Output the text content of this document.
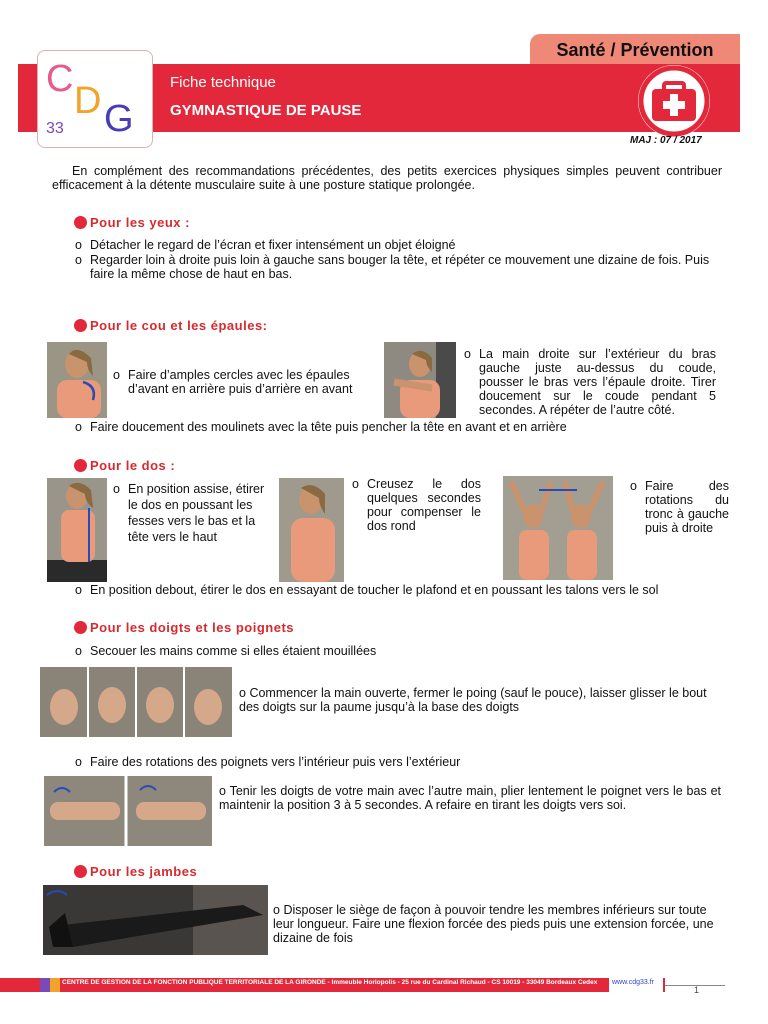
Santé / Prévention
C
D G
33
Fiche technique
GYMNASTIQUE DE PAUSE
MAJ : 07 / 2017
En complément des recommandations précédentes, des petits exercices physiques simples peuvent contribuer efficacement à la détente musculaire suite à une posture statique prolongée.
Pour les yeux :
o Détacher le regard de l’écran et fixer intensément un objet éloigné
o Regarder loin à droite puis loin à gauche sans bouger la tête, et répéter ce mouvement une dizaine de fois. Puis faire la même chose de haut en bas.
Pour le cou et les épaules:
o Faire d’amples cercles avec les épaules d’avant en arrière puis d’arrière en avant
o La main droite sur l’extérieur du bras gauche juste au-dessus du coude, pousser le bras vers l’épaule droite. Tirer doucement sur le coude pendant 5 secondes. A répéter de l’autre côté.
o Faire doucement des moulinets avec la tête puis pencher la tête en avant et en arrière
Pour le dos :
o En position assise, étirer le dos en poussant les fesses vers le bas et la tête vers le haut
o Creusez le dos quelques secondes pour compenser le dos rond
o Faire des rotations du tronc à gauche puis à droite
o En position debout, étirer le dos en essayant de toucher le plafond et en poussant les talons vers le sol
Pour les doigts et les poignets
o Secouer les mains comme si elles étaient mouillées
o Commencer la main ouverte, fermer le poing (sauf le pouce), laisser glisser le bout des doigts sur la paume jusqu’à la base des doigts
o Faire des rotations des poignets vers l’intérieur puis vers l’extérieur
o Tenir les doigts de votre main avec l’autre main, plier lentement le poignet vers le bas et maintenir la position 3 à 5 secondes. A refaire en tirant les doigts vers soi.
Pour les jambes
o Disposer le siège de façon à pouvoir tendre les membres inférieurs sur toute leur longueur. Faire une flexion forcée des pieds puis une extension forcée, une dizaine de fois
CENTRE DE GESTION DE LA FONCTION PUBLIQUE TERRITORIALE DE LA GIRONDE - Immeuble Horiopolis - 25 rue du Cardinal Richaud - CS 10019 - 33049 Bordeaux Cedex www.cdg33.fr
1
